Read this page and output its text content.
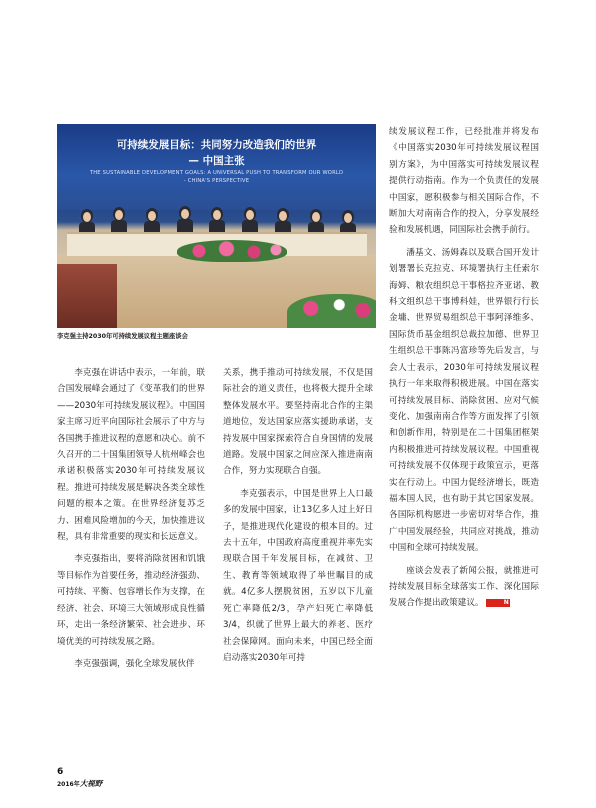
可持续发展目标：共同努力改造我们的世界
— 中国主张
THE SUSTAINABLE DEVELOPMENT GOALS: A UNIVERSAL PUSH TO TRANSFORM OUR WORLD
- CHINA'S PERSPECTIVE
李克强主持2030年可持续发展议程主题座谈会

李克强在讲话中表示，一年前，联合国发展峰会通过了《变革我们的世界——2030年可持续发展议程》。中国国家主席习近平向国际社会展示了中方与各国携手推进议程的意愿和决心。前不久召开的二十国集团领导人杭州峰会也承诺积极落实2030年可持续发展议程。推进可持续发展是解决各类全球性问题的根本之策。在世界经济复苏乏力、困难风险增加的今天，加快推进议程，具有非常重要的现实和长远意义。

李克强指出，要将消除贫困和饥饿等目标作为首要任务，推动经济强劲、可持续、平衡、包容增长作为支撑，在经济、社会、环境三大领域形成良性循环，走出一条经济繁荣、社会进步、环境优美的可持续发展之路。

李克强强调，强化全球发展伙伴

关系，携手推动可持续发展，不仅是国际社会的道义责任，也将极大提升全球整体发展水平。要坚持南北合作的主渠道地位，发达国家应落实援助承诺，支持发展中国家探索符合自身国情的发展道路。发展中国家之间应深入推进南南合作，努力实现联合自强。

李克强表示，中国是世界上人口最多的发展中国家，让13亿多人过上好日子，是推进现代化建设的根本目的。过去十五年，中国政府高度重视并率先实现联合国千年发展目标，在减贫、卫生、教育等领域取得了举世瞩目的成就。4亿多人摆脱贫困，五岁以下儿童死亡率降低2/3，孕产妇死亡率降低3/4，织就了世界上最大的养老、医疗社会保障网。面向未来，中国已经全面启动落实2030年可持

续发展议程工作，已经批准并将发布《中国落实2030年可持续发展议程国别方案》，为中国落实可持续发展议程提供行动指南。作为一个负责任的发展中国家，愿积极参与相关国际合作，不断加大对南南合作的投入，分享发展经验和发展机遇，同国际社会携手前行。

潘基文、汤姆森以及联合国开发计划署署长克拉克、环境署执行主任索尔海姆、粮农组织总干事格拉齐亚诺、教科文组织总干事博科娃，世界银行行长金墉、世界贸易组织总干事阿泽维多、国际货币基金组织总裁拉加德、世界卫生组织总干事陈冯富珍等先后发言，与会人士表示，2030年可持续发展议程执行一年来取得积极进展。中国在落实可持续发展目标、消除贫困、应对气候变化、加强南南合作等方面发挥了引领和创新作用，特别是在二十国集团框架内积极推进可持续发展议程。中国重视可持续发展不仅体现于政策宣示，更落实在行动上。中国力促经济增长，既造福本国人民，也有助于其它国家发展。各国际机构愿进一步密切对华合作，推广中国发展经验，共同应对挑战，推动中国和全球可持续发展。

座谈会发表了新闻公报，就推进可持续发展目标全球落实工作、深化国际发展合作提出政策建议。	N

6
2016年大视野
